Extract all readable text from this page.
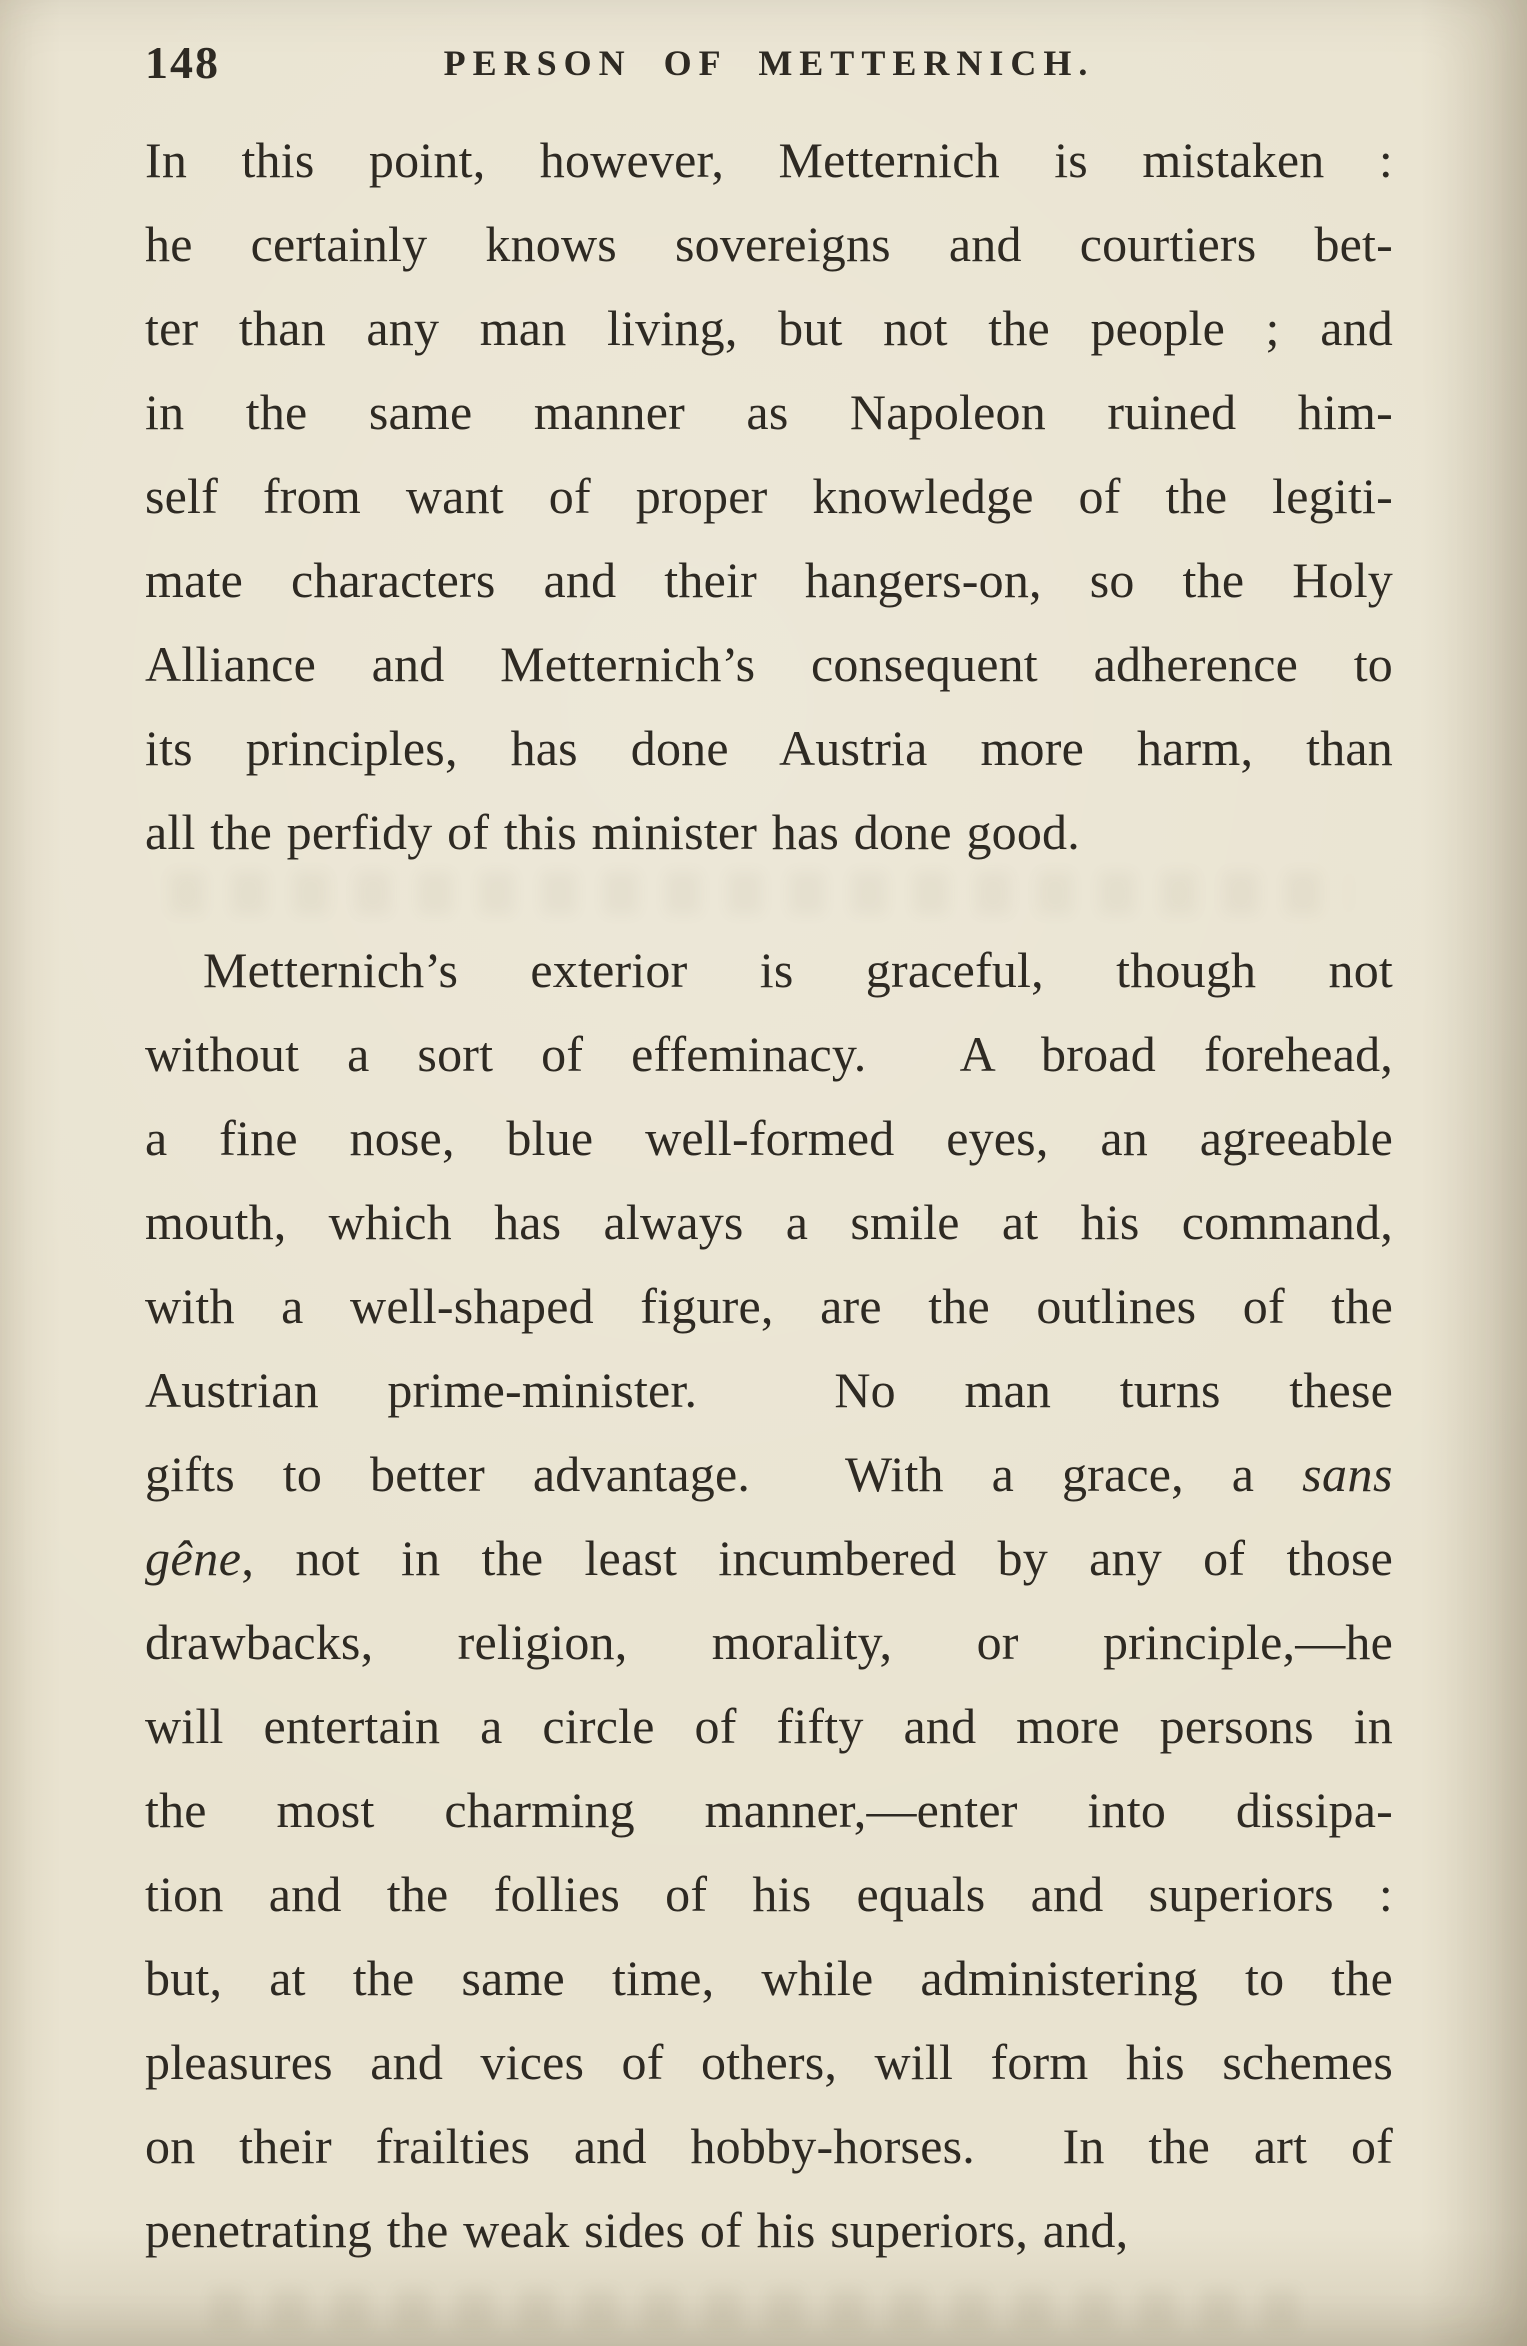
148	PERSON OF METTERNICH.
In this point, however, Metternich is mistaken :
he certainly knows sovereigns and courtiers bet-
ter than any man living, but not the people ; and
in the same manner as Napoleon ruined him-
self from want of proper knowledge of the legiti-
mate characters and their hangers-on, so the Holy
Alliance and Metternich’s consequent adherence to
its principles, has done Austria more harm, than
all the perfidy of this minister has done good.
Metternich’s exterior is graceful, though not
without a sort of effeminacy.  A broad forehead,
a fine nose, blue well-formed eyes, an agreeable
mouth, which has always a smile at his command,
with a well-shaped figure, are the outlines of the
Austrian prime-minister.  No man turns these
gifts to better advantage.  With a grace, a sans
gêne, not in the least incumbered by any of those
drawbacks, religion, morality, or principle,—he
will entertain a circle of fifty and more persons in
the most charming manner,—enter into dissipa-
tion and the follies of his equals and superiors :
but, at the same time, while administering to the
pleasures and vices of others, will form his schemes
on their frailties and hobby-horses.  In the art of
penetrating the weak sides of his superiors, and,
